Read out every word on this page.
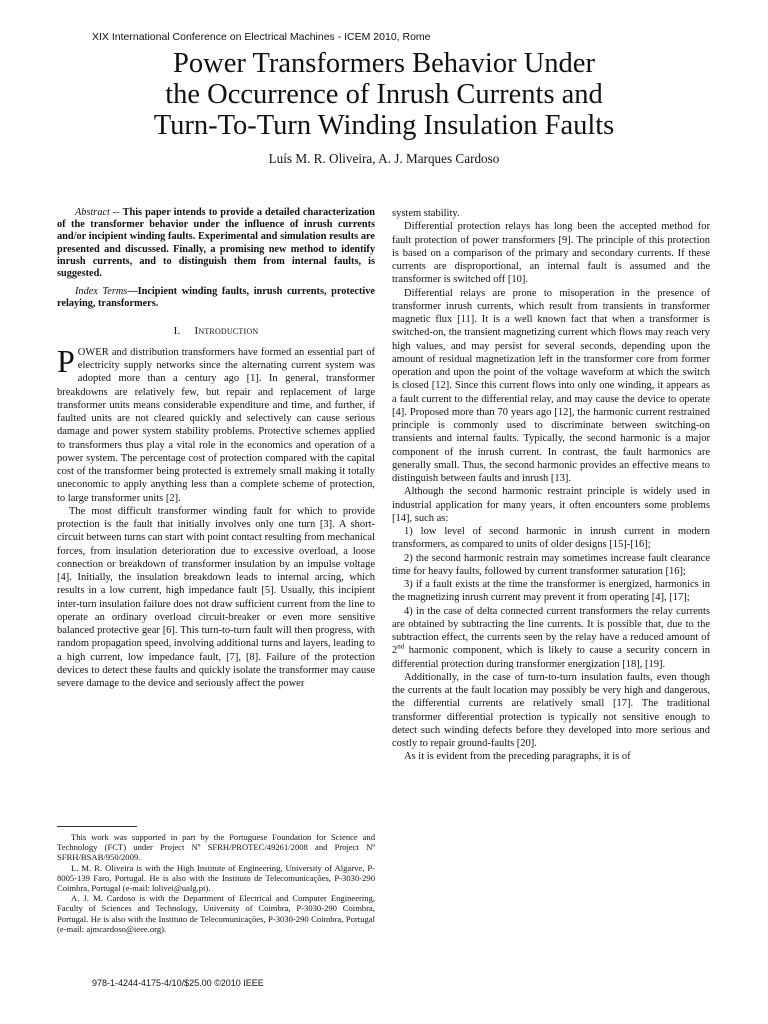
XIX International Conference on Electrical Machines - ICEM 2010, Rome
Power Transformers Behavior Under
the Occurrence of Inrush Currents and
Turn-To-Turn Winding Insulation Faults
Luís M. R. Oliveira, A. J. Marques Cardoso

Abstract -- This paper intends to provide a detailed characterization of the transformer behavior under the influence of inrush currents and/or incipient winding faults. Experimental and simulation results are presented and discussed. Finally, a promising new method to identify inrush currents, and to distinguish them from internal faults, is suggested.

Index Terms—Incipient winding faults, inrush currents, protective relaying, transformers.

I. Introduction

POWER and distribution transformers have formed an essential part of electricity supply networks since the alternating current system was adopted more than a century ago [1]. In general, transformer breakdowns are relatively few, but repair and replacement of large transformer units means considerable expenditure and time, and further, if faulted units are not cleared quickly and selectively can cause serious damage and power system stability problems. Protective schemes applied to transformers thus play a vital role in the economics and operation of a power system. The percentage cost of protection compared with the capital cost of the transformer being protected is extremely small making it totally uneconomic to apply anything less than a complete scheme of protection, to large transformer units [2].

The most difficult transformer winding fault for which to provide protection is the fault that initially involves only one turn [3]. A short-circuit between turns can start with point contact resulting from mechanical forces, from insulation deterioration due to excessive overload, a loose connection or breakdown of transformer insulation by an impulse voltage [4]. Initially, the insulation breakdown leads to internal arcing, which results in a low current, high impedance fault [5]. Usually, this incipient inter-turn insulation failure does not draw sufficient current from the line to operate an ordinary overload circuit-breaker or even more sensitive balanced protective gear [6]. This turn-to-turn fault will then progress, with random propagation speed, involving additional turns and layers, leading to a high current, low impedance fault, [7], [8]. Failure of the protection devices to detect these faults and quickly isolate the transformer may cause severe damage to the device and seriously affect the power

system stability.

Differential protection relays has long been the accepted method for fault protection of power transformers [9]. The principle of this protection is based on a comparison of the primary and secondary currents. If these currents are disproportional, an internal fault is assumed and the transformer is switched off [10].

Differential relays are prone to misoperation in the presence of transformer inrush currents, which result from transients in transformer magnetic flux [11]. It is a well known fact that when a transformer is switched-on, the transient magnetizing current which flows may reach very high values, and may persist for several seconds, depending upon the amount of residual magnetization left in the transformer core from former operation and upon the point of the voltage waveform at which the switch is closed [12]. Since this current flows into only one winding, it appears as a fault current to the differential relay, and may cause the device to operate [4]. Proposed more than 70 years ago [12], the harmonic current restrained principle is commonly used to discriminate between switching-on transients and internal faults. Typically, the second harmonic is a major component of the inrush current. In contrast, the fault harmonics are generally small. Thus, the second harmonic provides an effective means to distinguish between faults and inrush [13].

Although the second harmonic restraint principle is widely used in industrial application for many years, it often encounters some problems [14], such as:

1) low level of second harmonic in inrush current in modern transformers, as compared to units of older designs [15]-[16];

2) the second harmonic restrain may sometimes increase fault clearance time for heavy faults, followed by current transformer saturation [16];

3) if a fault exists at the time the transformer is energized, harmonics in the magnetizing inrush current may prevent it from operating [4], [17];

4) in the case of delta connected current transformers the relay currents are obtained by subtracting the line currents. It is possible that, due to the subtraction effect, the currents seen by the relay have a reduced amount of 2nd harmonic component, which is likely to cause a security concern in differential protection during transformer energization [18], [19].

Additionally, in the case of turn-to-turn insulation faults, even though the currents at the fault location may possibly be very high and dangerous, the differential currents are relatively small [17]. The traditional transformer differential protection is typically not sensitive enough to detect such winding defects before they developed into more serious and costly to repair ground-faults [20].

As it is evident from the preceding paragraphs, it is of

This work was supported in part by the Portuguese Foundation for Science and Technology (FCT) under Project Nº SFRH/PROTEC/49261/2008 and Project Nº SFRH/BSAB/950/2009.

L. M. R. Oliveira is with the High Institute of Engineering, University of Algarve, P-8005-139 Faro, Portugal. He is also with the Instituto de Telecomunicações, P-3030-290 Coimbra, Portugal (e-mail: lolivei@ualg.pt).

A. J. M. Cardoso is with the Department of Electrical and Computer Engineering, Faculty of Sciences and Technology, University of Coimbra, P-3030-290 Coimbra, Portugal. He is also with the Instituto de Telecomunicações, P-3030-290 Coimbra, Portugal (e-mail: ajmcardoso@ieee.org).

978-1-4244-4175-4/10/$25.00 ©2010 IEEE
